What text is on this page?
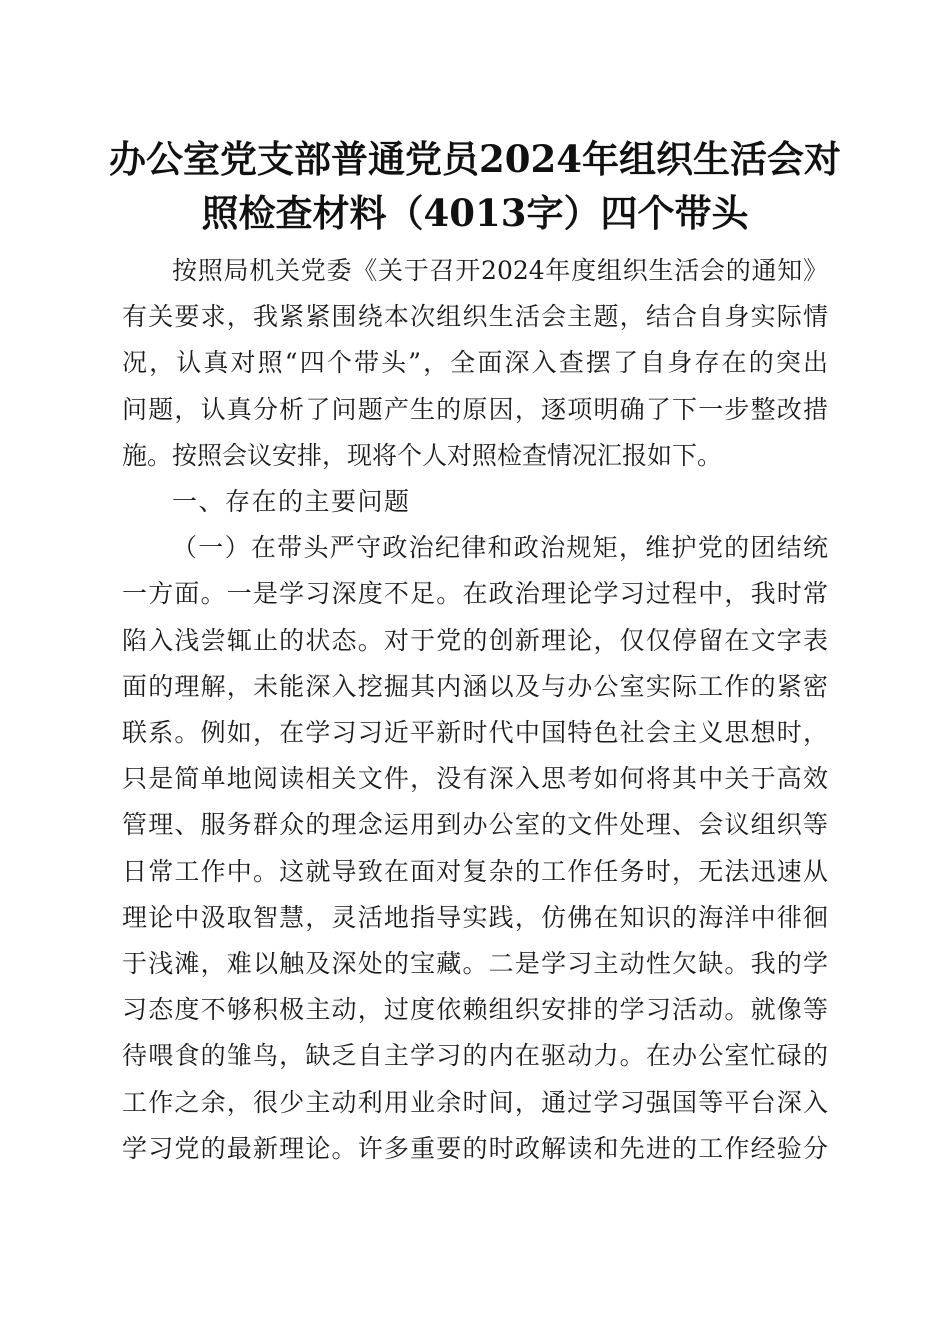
办公室党支部普通党员2024年组织生活会对
照检查材料（4013字）四个带头
按照局机关党委《关于召开2024年度组织生活会的通知》
有关要求，我紧紧围绕本次组织生活会主题，结合自身实际情
况，认真对照“四个带头”，全面深入查摆了自身存在的突出
问题，认真分析了问题产生的原因，逐项明确了下一步整改措
施。按照会议安排，现将个人对照检查情况汇报如下。
一、存在的主要问题
（一）在带头严守政治纪律和政治规矩，维护党的团结统
一方面。一是学习深度不足。在政治理论学习过程中，我时常
陷入浅尝辄止的状态。对于党的创新理论，仅仅停留在文字表
面的理解，未能深入挖掘其内涵以及与办公室实际工作的紧密
联系。例如，在学习习近平新时代中国特色社会主义思想时，
只是简单地阅读相关文件，没有深入思考如何将其中关于高效
管理、服务群众的理念运用到办公室的文件处理、会议组织等
日常工作中。这就导致在面对复杂的工作任务时，无法迅速从
理论中汲取智慧，灵活地指导实践，仿佛在知识的海洋中徘徊
于浅滩，难以触及深处的宝藏。二是学习主动性欠缺。我的学
习态度不够积极主动，过度依赖组织安排的学习活动。就像等
待喂食的雏鸟，缺乏自主学习的内在驱动力。在办公室忙碌的
工作之余，很少主动利用业余时间，通过学习强国等平台深入
学习党的最新理论。许多重要的时政解读和先进的工作经验分
